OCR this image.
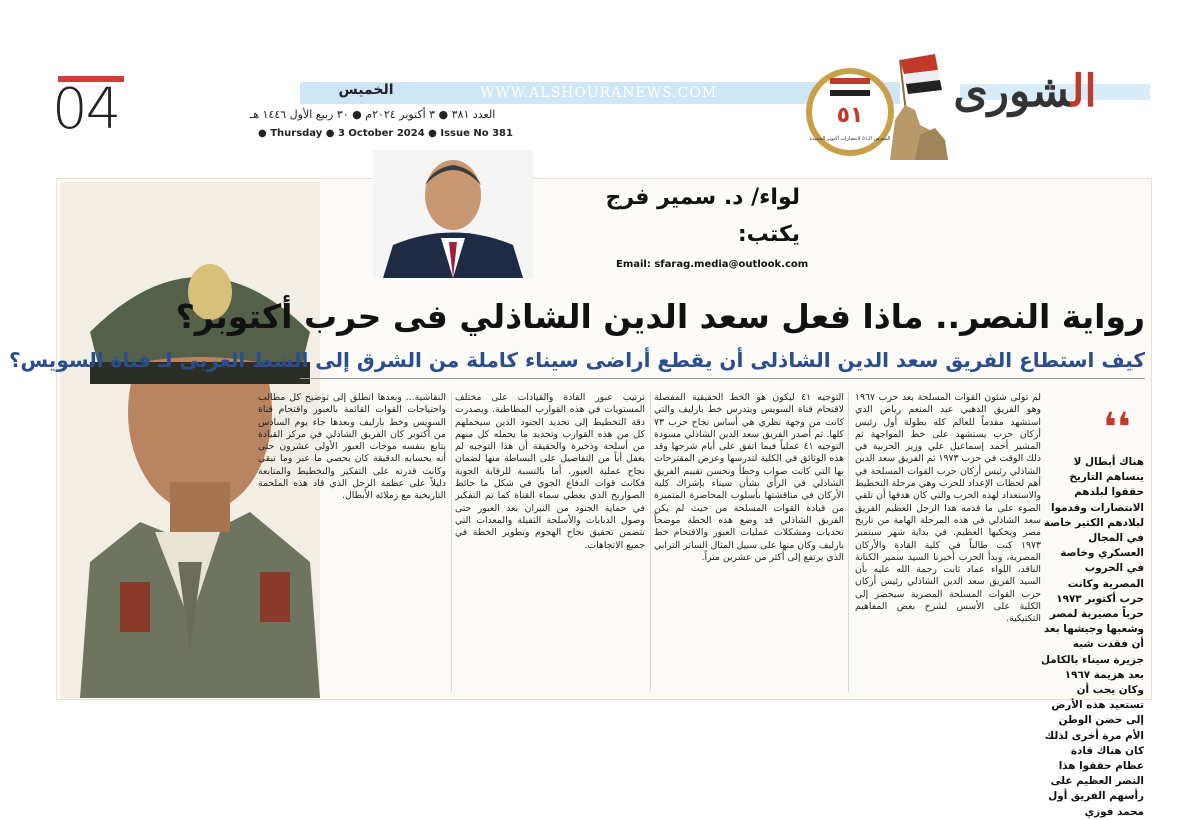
04	الخميس	WWW.ALSHOURANEWS.COM
العدد ٣٨١ ● ٣ أكتوبر ٢٠٢٤م ● ٣٠ ربيع الأول ١٤٤٦ هـ
● Thursday ● 3 October 2024 ● Issue No 381
الشورى
٥١
المعرض الـ٥١ لانتصارات أكتوبر المجيدة
لواء/ د. سمير فرج
يكتب:
Email: sfarag.media@outlook.com
رواية النصر.. ماذا فعل سعد الدين الشاذلي فى حرب أكتوبر؟
كيف استطاع الفريق سعد الدين الشاذلى أن يقطع أراضى سيناء كاملة من الشرق إلى الشط الغربى لـ قناة السويس؟
لم تولى شئون القوات المسلحة بعد حرب ١٩٦٧ وهو الفريق الذهبي عبد المنعم رياض الذي استشهد مقدماً للعالم كله بطولة أول رئيس أركان حرب يستشهد على خط المواجهة ثم المشير أحمد إسماعيل علي وزير الحربية في ذلك الوقت في حرب ١٩٧٣ ثم الفريق سعد الدين الشاذلي رئيس أركان حرب القوات المسلحة في أهم لحظات الإعداد للحرب وهي مرحلة التخطيط والاستعداد لهذه الحرب والتي كان هدفها أن تلقي الضوء على ما قدمه هذا الرجل العظيم الفريق سعد الشاذلي في هذه المرحلة الهامة من تاريخ مصر ويحكيها العظيم. في بداية شهر سبتمبر ١٩٧٣ كنت طالباً في كلية القادة والأركان المصرية، وبدأ الحرب أخبرنا السيد سمير الكنانة الناقد، اللواء عماد ثابت رحمة الله عليه بأن السيد الفريق سعد الدين الشاذلي رئيس أركان حرب القوات المسلحة المصرية سيحضر إلى الكلية على الأسس لشرح بعض المفاهيم التكتيكية.
التوجيه ٤١ ليكون هو الخط الحقيقية المفصلة لاقتحام قناة السويس ويتدرس خط بارليف والتي كانت من وجهة نظري هي أساس نجاح حرب ٧٣ كلها. ثم أصدر الفريق سعد الدين الشاذلي مسودة التوجيه ٤١ عملياً فيما اتفق على أيام شرحها وقد هذه الوثائق في الكلية لتدرسها وعرض المقترحات بها التي كانت صواب وخطأ ونحسن تقييم الفريق الشاذلي في الرأي بشأن سيناء بإشراك كلية الأركان في مناقشتها بأسلوب المحاضرة المتميزة من قيادة القوات المسلحة من حيث لم يكن الفريق الشاذلي قد وضع هذه الخطة موضحاً تحديات ومشكلات عمليات العبور والاقتحام خط بارليف وكان منها على سبيل المثال الساتر الترابي الذي يرتفع إلى أكثر من عشرين متراً.
ترتيب عبور القادة والقيادات على مختلف المستويات في هذه القوارب المطاطية. ويصدرت دقة التخطيط إلى تحديد الجنود الذين سيحملهم كل من هذه القوارب وتحديد ما يحمله كل منهم من أسلحة وذخيرة والحقيقة أن هذا التوجيه لم يغفل أياً من التفاصيل على البساطة منها لضمان نجاح عملية العبور. أما بالنسبة للرقابة الجوية فكانت قوات الدفاع الجوي في شكل ما حائط الصواريخ الذي يغطي سماء القناة كما تم التفكير في حماية الجنود من النيران بعد العبور حتى وصول الدبابات والأسلحة الثقيلة والمعدات التي تتضمن تحقيق نجاح الهجوم وتطوير الخطة في جميع الاتجاهات.
النقاشية... وبعدها انطلق إلى توضيح كل مطالب واحتياجات القوات القائمة بالعبور واقتحام قناة السويس وخط بارليف وبعدها جاء يوم السادس من أكتوبر كان الفريق الشاذلي في مركز القيادة يتابع بنفسه موجات العبور الأولى عشرون حتى أنه يحسابه الدقيقة كان يحصي ما عبر وما تبقى وكانت قدرته على التفكير والتخطيط والمتابعة دليلاً على عظمة الرجل الذي قاد هذه الملحمة التاريخية مع زملائه الأبطال.
❛❛
هناك أبطال لا ينساهم التاريخ حققوا لبلدهم الانتصارات وقدموا لبلادهم الكثير خاصة في المجال العسكري وخاصة في الحروب المصرية وكانت حرب أكتوبر ١٩٧٣ حرباً مصيرية لمصر وشعبها وجيشها بعد أن فقدت شبه جزيرة سيناء بالكامل بعد هزيمة ١٩٦٧ وكان يجب أن تستعيد هذه الأرض إلى حضن الوطن الأم مرة أخرى لذلك كان هناك قادة عظام حققوا هذا النصر العظيم على رأسهم الفريق أول محمد فوزي
